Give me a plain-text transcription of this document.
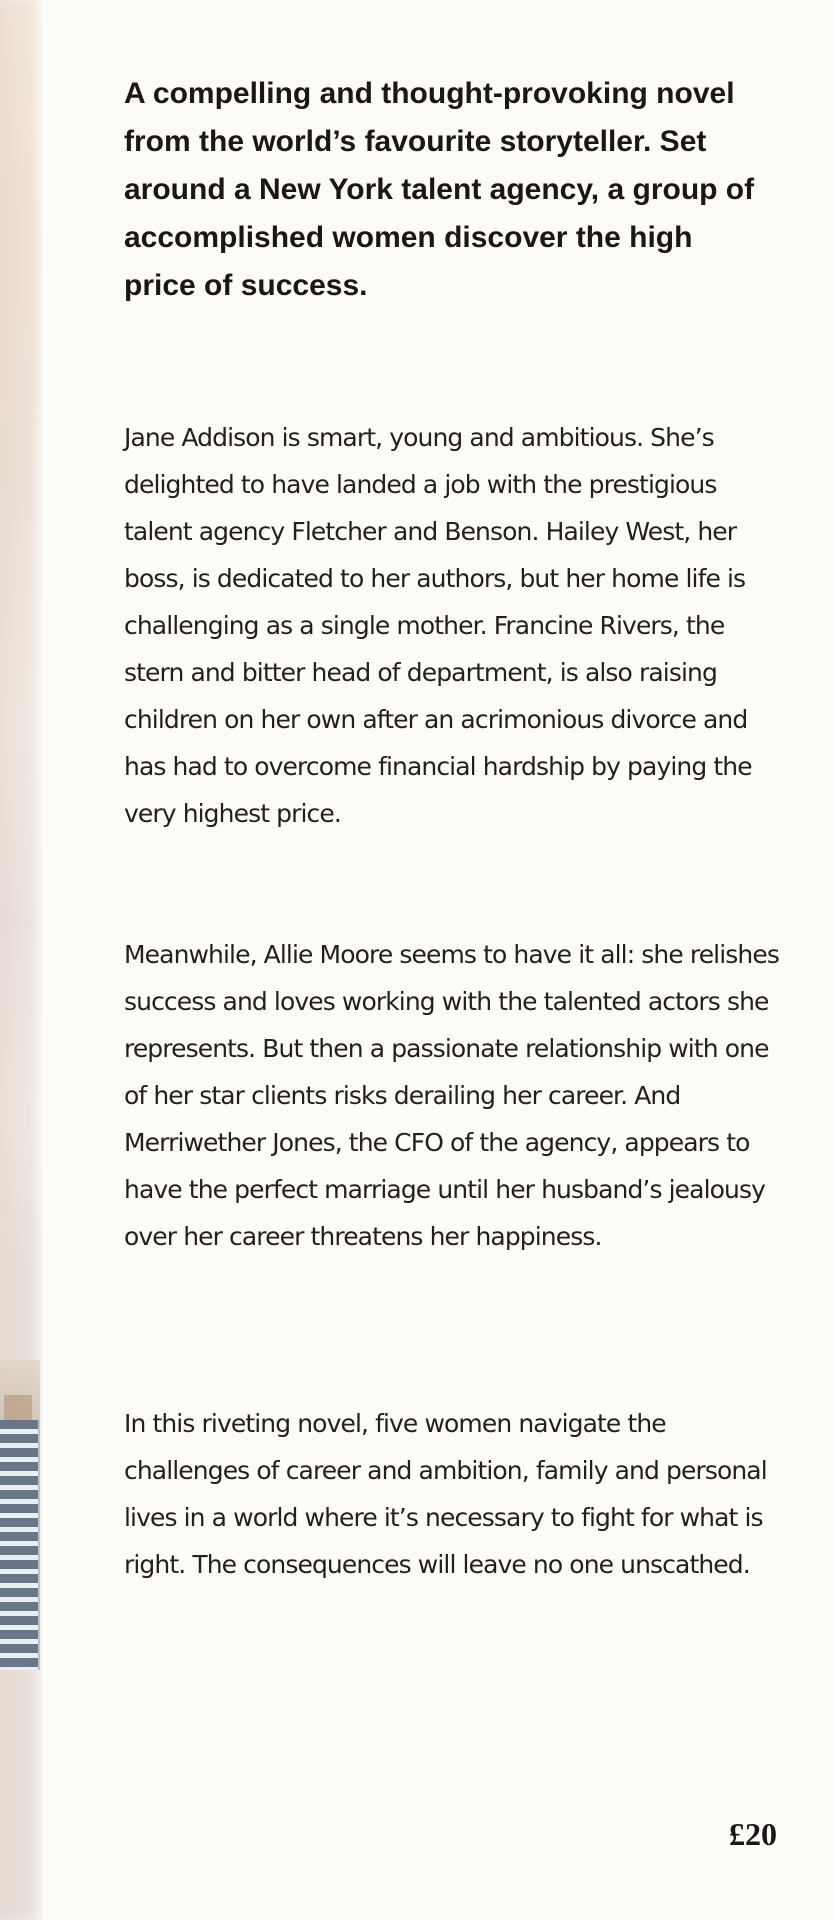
A compelling and thought-provoking novel from the world’s favourite storyteller. Set around a New York talent agency, a group of accomplished women discover the high price of success.

Jane Addison is smart, young and ambitious. She’s delighted to have landed a job with the prestigious talent agency Fletcher and Benson. Hailey West, her boss, is dedicated to her authors, but her home life is challenging as a single mother. Francine Rivers, the stern and bitter head of department, is also raising children on her own after an acrimonious divorce and has had to overcome financial hardship by paying the very highest price.

Meanwhile, Allie Moore seems to have it all: she relishes success and loves working with the talented actors she represents. But then a passionate relationship with one of her star clients risks derailing her career. And Merriwether Jones, the CFO of the agency, appears to have the perfect marriage until her husband’s jealousy over her career threatens her happiness.

In this riveting novel, five women navigate the challenges of career and ambition, family and personal lives in a world where it’s necessary to fight for what is right. The consequences will leave no one unscathed.

£20
